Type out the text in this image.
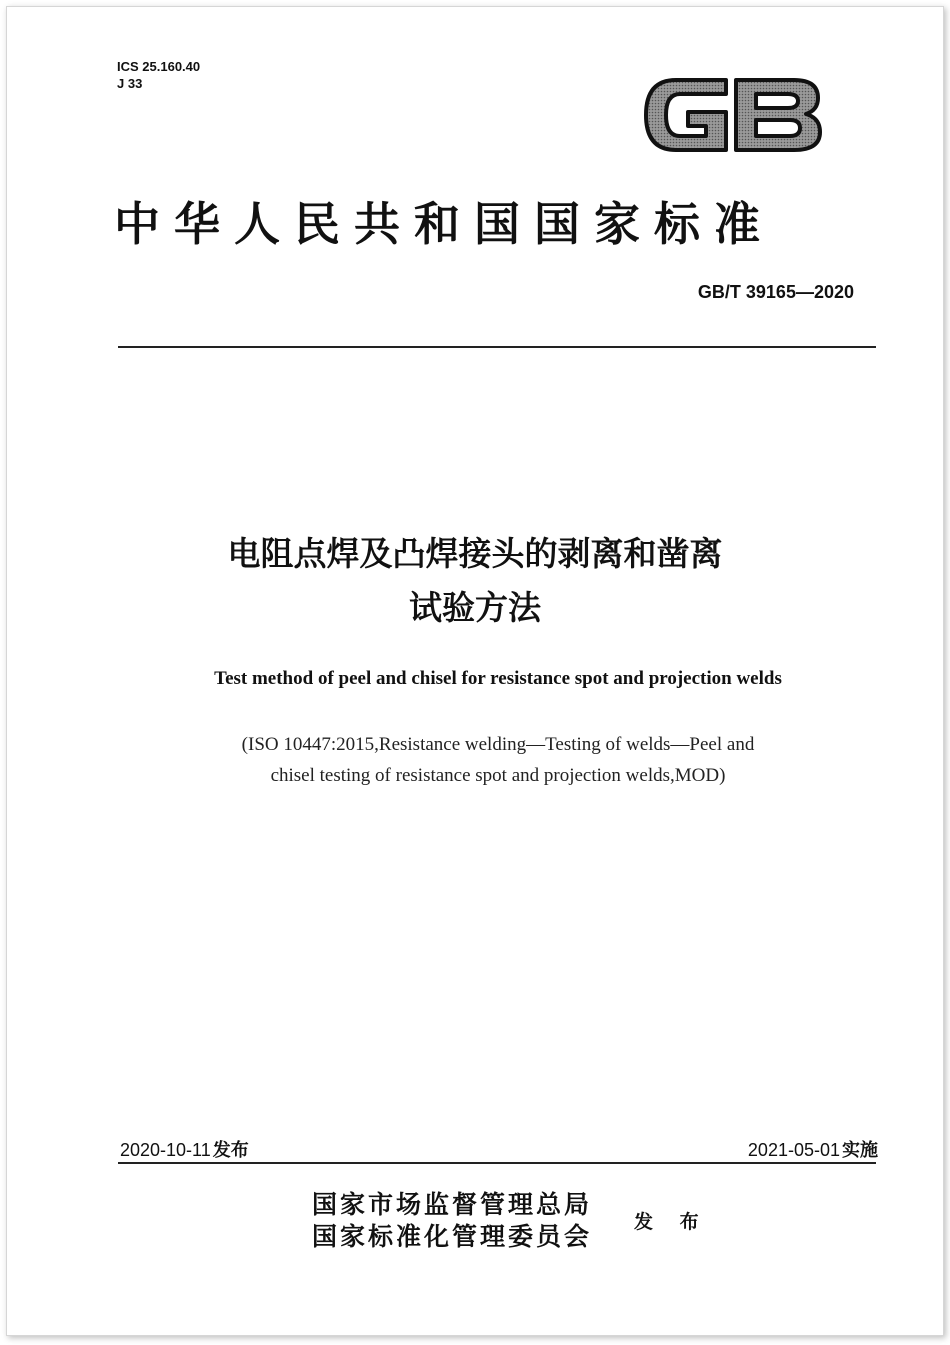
ICS 25.160.40
J 33
中华人民共和国国家标准
GB/T 39165—2020
电阻点焊及凸焊接头的剥离和凿离
试验方法
Test method of peel and chisel for resistance spot and projection welds
(ISO 10447:2015,Resistance welding—Testing of welds—Peel and
chisel testing of resistance spot and projection welds,MOD)
2020-10-11 发布	2021-05-01 实施
国家市场监督管理总局
国家标准化管理委员会 发 布
